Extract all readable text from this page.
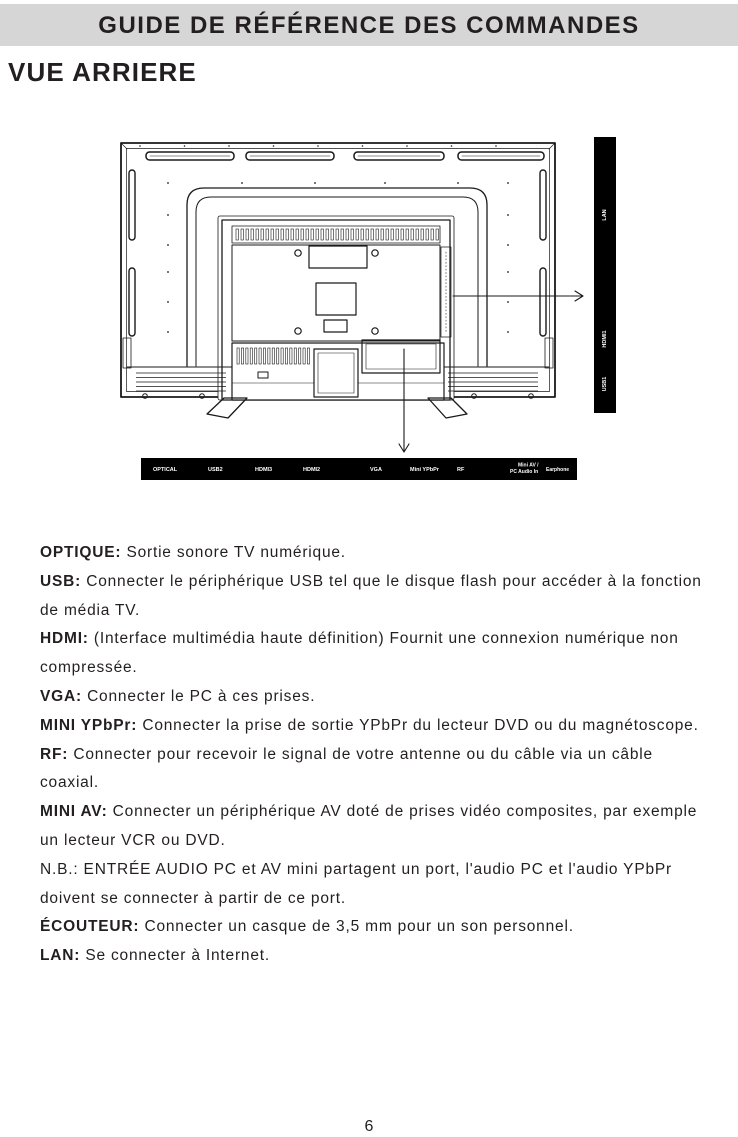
GUIDE DE RÉFÉRENCE DES COMMANDES
VUE ARRIERE
LAN
HDMI1
USB1
OPTICAL	USB2	HDMI3	HDMI2	VGA	Mini YPbPr	RF
Mini AV /
PC Audio In Earphone
OPTIQUE: Sortie sonore TV numérique.
USB: Connecter le périphérique USB tel que le disque flash pour accéder à la fonction
de média TV.
HDMI: (Interface multimédia haute définition) Fournit une connexion numérique non
compressée.
VGA: Connecter le PC à ces prises.
MINI YPbPr: Connecter la prise de sortie YPbPr du lecteur DVD ou du magnétoscope.
RF: Connecter pour recevoir le signal de votre antenne ou du câble via un câble
coaxial.
MINI AV: Connecter un périphérique AV doté de prises vidéo composites, par exemple
un lecteur VCR ou DVD.
N.B.: ENTRÉE AUDIO PC et AV mini partagent un port, l'audio PC et l'audio YPbPr
doivent se connecter à partir de ce port.
ÉCOUTEUR: Connecter un casque de 3,5 mm pour un son personnel.
LAN: Se connecter à Internet.
6
